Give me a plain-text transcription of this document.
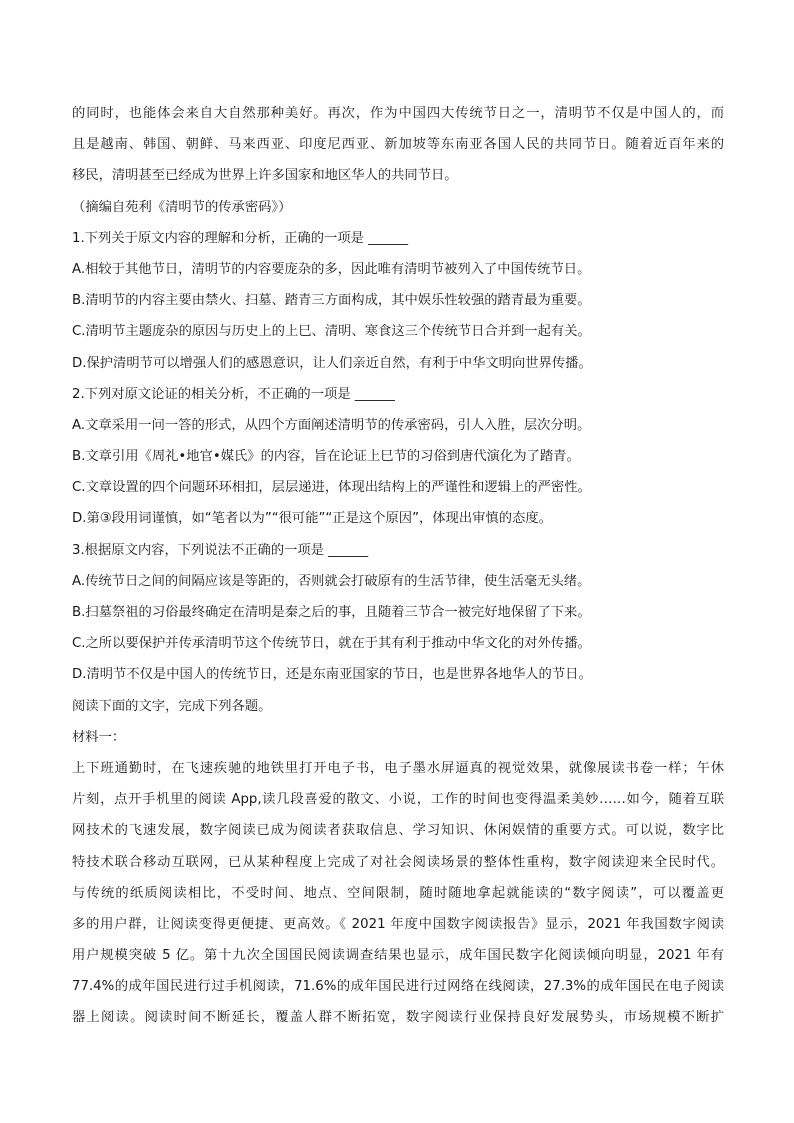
的同时，也能体会来自大自然那种美好。再次，作为中国四大传统节日之一，清明节不仅是中国人的，而
且是越南、韩国、朝鲜、马来西亚、印度尼西亚、新加坡等东南亚各国人民的共同节日。随着近百年来的
移民，清明甚至已经成为世界上许多国家和地区华人的共同节日。
（摘编自苑利《清明节的传承密码》）
1.下列关于原文内容的理解和分析，正确的一项是 ______
A.相较于其他节日，清明节的内容要庞杂的多，因此唯有清明节被列入了中国传统节日。
B.清明节的内容主要由禁火、扫墓、踏青三方面构成，其中娱乐性较强的踏青最为重要。
C.清明节主题庞杂的原因与历史上的上巳、清明、寒食这三个传统节日合并到一起有关。
D.保护清明节可以增强人们的感恩意识，让人们亲近自然，有利于中华文明向世界传播。
2.下列对原文论证的相关分析，不正确的一项是 ______
A.文章采用一问一答的形式，从四个方面阐述清明节的传承密码，引人入胜，层次分明。
B.文章引用《周礼•地官•媒氏》的内容，旨在论证上巳节的习俗到唐代演化为了踏青。
C.文章设置的四个问题环环相扣，层层递进，体现出结构上的严谨性和逻辑上的严密性。
D.第③段用词谨慎，如“笔者以为”“很可能”“正是这个原因”，体现出审慎的态度。
3.根据原文内容，下列说法不正确的一项是 ______
A.传统节日之间的间隔应该是等距的，否则就会打破原有的生活节律，使生活毫无头绪。
B.扫墓祭祖的习俗最终确定在清明是秦之后的事，且随着三节合一被完好地保留了下来。
C.之所以要保护并传承清明节这个传统节日，就在于其有利于推动中华文化的对外传播。
D.清明节不仅是中国人的传统节日，还是东南亚国家的节日，也是世界各地华人的节日。
阅读下面的文字，完成下列各题。
材料一：
上下班通勤时，在飞速疾驰的地铁里打开电子书，电子墨水屏逼真的视觉效果，就像展读书卷一样；午休
片刻，点开手机里的阅读 App,读几段喜爱的散文、小说，工作的时间也变得温柔美妙……如今，随着互联
网技术的飞速发展，数字阅读已成为阅读者获取信息、学习知识、休闲娱情的重要方式。可以说，数字比
特技术联合移动互联网，已从某种程度上完成了对社会阅读场景的整体性重构，数字阅读迎来全民时代。
与传统的纸质阅读相比，不受时间、地点、空间限制，随时随地拿起就能读的“数字阅读”，可以覆盖更
多的用户群，让阅读变得更便捷、更高效。《 2021 年度中国数字阅读报告》显示，2021 年我国数字阅读
用户规模突破 5 亿。第十九次全国国民阅读调查结果也显示，成年国民数字化阅读倾向明显，2021 年有
77.4%的成年国民进行过手机阅读，71.6%的成年国民进行过网络在线阅读，27.3%的成年国民在电子阅读
器上阅读。阅读时间不断延长，覆盖人群不断拓宽，数字阅读行业保持良好发展势头，市场规模不断扩
